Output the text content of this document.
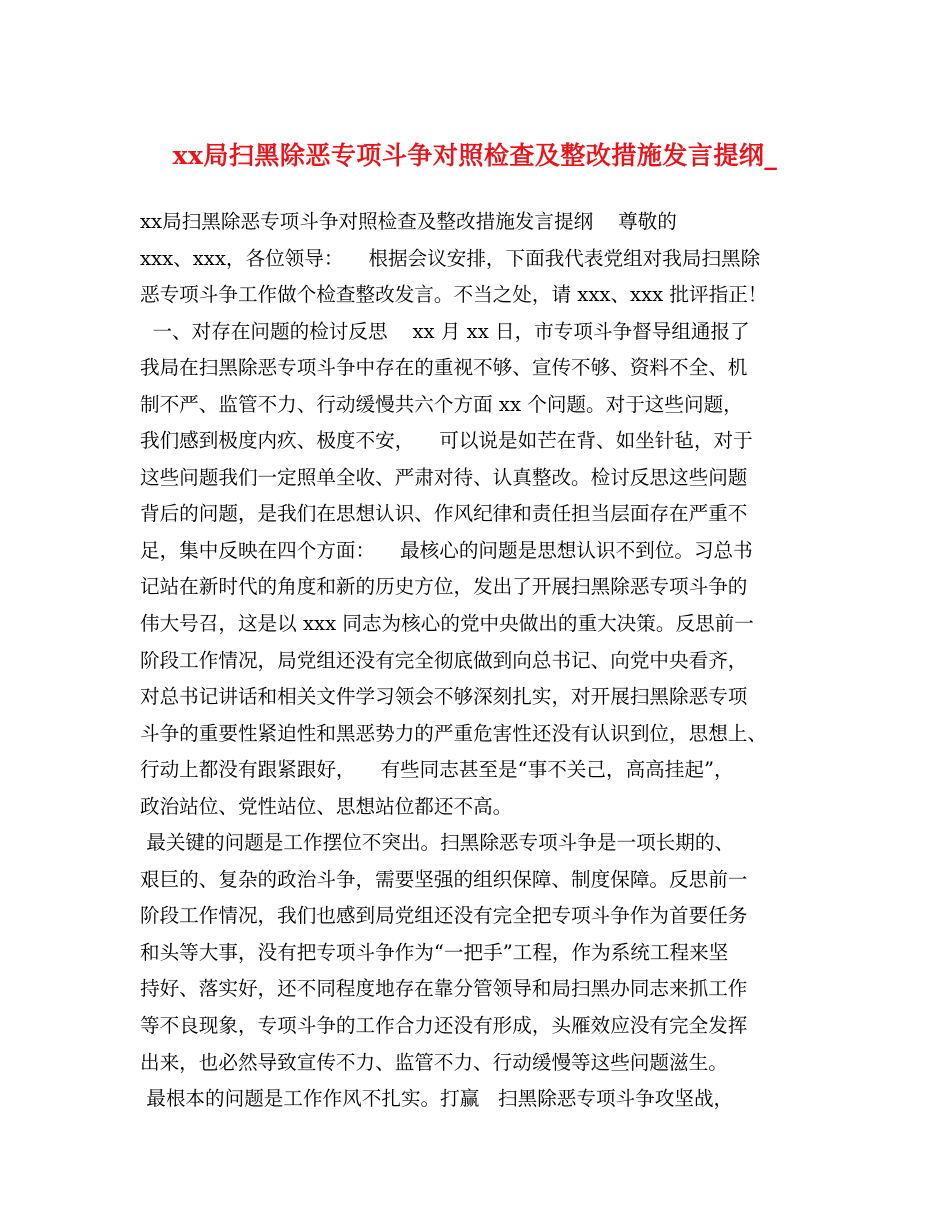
xx局扫黑除恶专项斗争对照检查及整改措施发言提纲_
xx局扫黑除恶专项斗争对照检查及整改措施发言提纲    尊敬的
xxx、xxx，各位领导：    根据会议安排，下面我代表党组对我局扫黑除
恶专项斗争工作做个检查整改发言。不当之处，请 xxx、xxx 批评指正！
一、对存在问题的检讨反思    xx 月 xx 日，市专项斗争督导组通报了
我局在扫黑除恶专项斗争中存在的重视不够、宣传不够、资料不全、机
制不严、监管不力、行动缓慢共六个方面 xx 个问题。对于这些问题，
我们感到极度内疚、极度不安，    可以说是如芒在背、如坐针毡，对于
这些问题我们一定照单全收、严肃对待、认真整改。检讨反思这些问题
背后的问题，是我们在思想认识、作风纪律和责任担当层面存在严重不
足，集中反映在四个方面：    最核心的问题是思想认识不到位。习总书
记站在新时代的角度和新的历史方位，发出了开展扫黑除恶专项斗争的
伟大号召，这是以 xxx 同志为核心的党中央做出的重大决策。反思前一
阶段工作情况，局党组还没有完全彻底做到向总书记、向党中央看齐，
对总书记讲话和相关文件学习领会不够深刻扎实，对开展扫黑除恶专项
斗争的重要性紧迫性和黑恶势力的严重危害性还没有认识到位，思想上、
行动上都没有跟紧跟好，    有些同志甚至是“事不关己，高高挂起”，
政治站位、党性站位、思想站位都还不高。
最关键的问题是工作摆位不突出。扫黑除恶专项斗争是一项长期的、
艰巨的、复杂的政治斗争，需要坚强的组织保障、制度保障。反思前一
阶段工作情况，我们也感到局党组还没有完全把专项斗争作为首要任务
和头等大事，没有把专项斗争作为“一把手”工程，作为系统工程来坚
持好、落实好，还不同程度地存在靠分管领导和局扫黑办同志来抓工作
等不良现象，专项斗争的工作合力还没有形成，头雁效应没有完全发挥
出来，也必然导致宣传不力、监管不力、行动缓慢等这些问题滋生。
最根本的问题是工作作风不扎实。打赢   扫黑除恶专项斗争攻坚战，
